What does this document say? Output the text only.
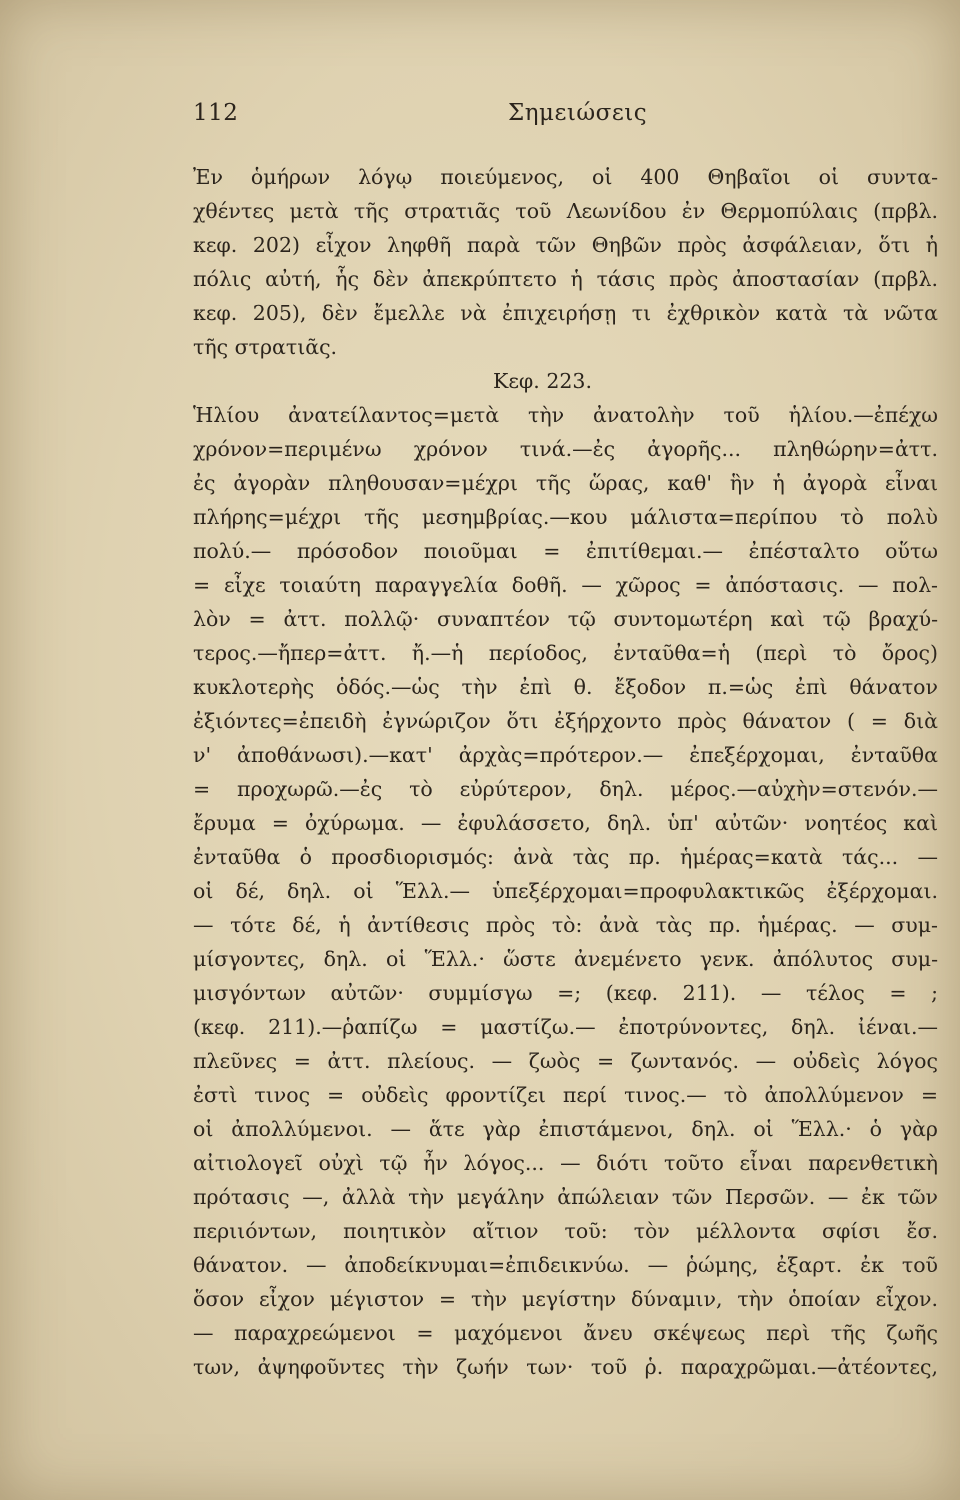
112	Σημειώσεις
Ἐν ὁμήρων λόγῳ ποιεύμενος, οἱ 400 Θηβαῖοι οἱ συντα-
χθέντες μετὰ τῆς στρατιᾶς τοῦ Λεωνίδου ἐν Θερμοπύλαις (πρβλ.
κεφ. 202) εἶχον ληφθῆ παρὰ τῶν Θηβῶν πρὸς ἀσφάλειαν, ὅτι ἡ
πόλις αὐτή, ἧς δὲν ἀπεκρύπτετο ἡ τάσις πρὸς ἀποστασίαν (πρβλ.
κεφ. 205), δὲν ἔμελλε νὰ ἐπιχειρήσῃ τι ἐχθρικὸν κατὰ τὰ νῶτα
τῆς στρατιᾶς.
Κεφ. 223.
Ἡλίου ἀνατείλαντος=μετὰ τὴν ἀνατολὴν τοῦ ἡλίου.—ἐπέχω
χρόνον=περιμένω χρόνον τινά.—ἐς ἀγορῆς... πληθώρην=ἀττ.
ἐς ἀγορὰν πληθουσαν=μέχρι τῆς ὥρας, καθ' ἣν ἡ ἀγορὰ εἶναι
πλήρης=μέχρι τῆς μεσημβρίας.—κου μάλιστα=περίπου τὸ πολὺ
πολύ.— πρόσοδον ποιοῦμαι = ἐπιτίθεμαι.— ἐπέσταλτο οὕτω
= εἶχε τοιαύτη παραγγελία δοθῆ. — χῶρος = ἀπόστασις. — πολ-
λὸν = ἀττ. πολλῷ· συναπτέον τῷ συντομωτέρη καὶ τῷ βραχύ-
τερος.—ἤπερ=ἀττ. ἤ.—ἡ περίοδος, ἐνταῦθα=ἡ (περὶ τὸ ὄρος)
κυκλοτερὴς ὁδός.—ὡς τὴν ἐπὶ θ. ἔξοδον π.=ὡς ἐπὶ θάνατον
ἐξιόντες=ἐπειδὴ ἐγνώριζον ὅτι ἐξήρχοντο πρὸς θάνατον ( = διὰ
ν' ἀποθάνωσι).—κατ' ἀρχὰς=πρότερον.— ἐπεξέρχομαι, ἐνταῦθα
= προχωρῶ.—ἐς τὸ εὐρύτερον, δηλ. μέρος.—αὐχὴν=στενόν.—
ἔρυμα = ὀχύρωμα. — ἐφυλάσσετο, δηλ. ὑπ' αὐτῶν· νοητέος καὶ
ἐνταῦθα ὁ προσδιορισμός: ἀνὰ τὰς πρ. ἡμέρας=κατὰ τάς... —
οἱ δέ, δηλ. οἱ Ἕλλ.— ὑπεξέρχομαι=προφυλακτικῶς ἐξέρχομαι.
— τότε δέ, ἡ ἀντίθεσις πρὸς τὸ: ἀνὰ τὰς πρ. ἡμέρας. — συμ-
μίσγοντες, δηλ. οἱ Ἕλλ.· ὥστε ἀνεμένετο γενκ. ἀπόλυτος συμ-
μισγόντων αὐτῶν· συμμίσγω =; (κεφ. 211). — τέλος = ;
(κεφ. 211).—ῥαπίζω = μαστίζω.— ἐποτρύνοντες, δηλ. ἰέναι.—
πλεῦνες = ἀττ. πλείους. — ζωὸς = ζωντανός. — οὐδεὶς λόγος
ἐστὶ τινος = οὐδεὶς φροντίζει περί τινος.— τὸ ἀπολλύμενον =
οἱ ἀπολλύμενοι. — ἅτε γὰρ ἐπιστάμενοι, δηλ. οἱ Ἕλλ.· ὁ γὰρ
αἰτιολογεῖ οὐχὶ τῷ ἦν λόγος... — διότι τοῦτο εἶναι παρενθετικὴ
πρότασις —, ἀλλὰ τὴν μεγάλην ἀπώλειαν τῶν Περσῶν. — ἐκ τῶν
περιιόντων, ποιητικὸν αἴτιον τοῦ: τὸν μέλλοντα σφίσι ἔσ.
θάνατον. — ἀποδείκνυμαι=ἐπιδεικνύω. — ῥώμης, ἐξαρτ. ἐκ τοῦ
ὅσον εἶχον μέγιστον = τὴν μεγίστην δύναμιν, τὴν ὁποίαν εἶχον.
— παραχρεώμενοι = μαχόμενοι ἄνευ σκέψεως περὶ τῆς ζωῆς
των, ἀψηφοῦντες τὴν ζωήν των· τοῦ ῥ. παραχρῶμαι.—ἀτέοντες,
